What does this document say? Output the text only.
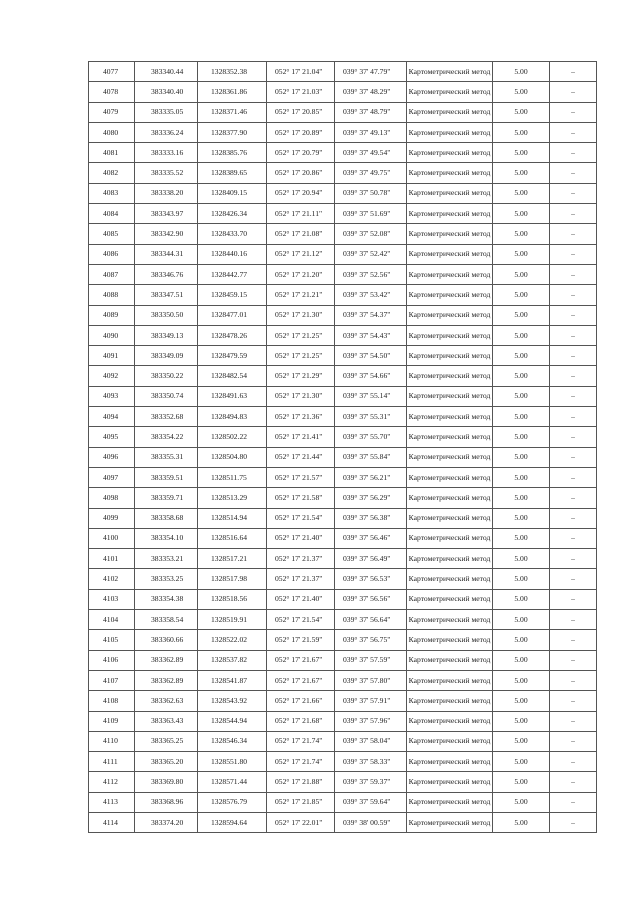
4077	383340.44	1328352.38	052° 17' 21.04"	039° 37' 47.79"	Картометрический метод	5.00	–
4078	383340.40	1328361.86	052° 17' 21.03"	039° 37' 48.29"	Картометрический метод	5.00	–
4079	383335.05	1328371.46	052° 17' 20.85"	039° 37' 48.79"	Картометрический метод	5.00	–
4080	383336.24	1328377.90	052° 17' 20.89"	039° 37' 49.13"	Картометрический метод	5.00	–
4081	383333.16	1328385.76	052° 17' 20.79"	039° 37' 49.54"	Картометрический метод	5.00	–
4082	383335.52	1328389.65	052° 17' 20.86"	039° 37' 49.75"	Картометрический метод	5.00	–
4083	383338.20	1328409.15	052° 17' 20.94"	039° 37' 50.78"	Картометрический метод	5.00	–
4084	383343.97	1328426.34	052° 17' 21.11"	039° 37' 51.69"	Картометрический метод	5.00	–
4085	383342.90	1328433.70	052° 17' 21.08"	039° 37' 52.08"	Картометрический метод	5.00	–
4086	383344.31	1328440.16	052° 17' 21.12"	039° 37' 52.42"	Картометрический метод	5.00	–
4087	383346.76	1328442.77	052° 17' 21.20"	039° 37' 52.56"	Картометрический метод	5.00	–
4088	383347.51	1328459.15	052° 17' 21.21"	039° 37' 53.42"	Картометрический метод	5.00	–
4089	383350.50	1328477.01	052° 17' 21.30"	039° 37' 54.37"	Картометрический метод	5.00	–
4090	383349.13	1328478.26	052° 17' 21.25"	039° 37' 54.43"	Картометрический метод	5.00	–
4091	383349.09	1328479.59	052° 17' 21.25"	039° 37' 54.50"	Картометрический метод	5.00	–
4092	383350.22	1328482.54	052° 17' 21.29"	039° 37' 54.66"	Картометрический метод	5.00	–
4093	383350.74	1328491.63	052° 17' 21.30"	039° 37' 55.14"	Картометрический метод	5.00	–
4094	383352.68	1328494.83	052° 17' 21.36"	039° 37' 55.31"	Картометрический метод	5.00	–
4095	383354.22	1328502.22	052° 17' 21.41"	039° 37' 55.70"	Картометрический метод	5.00	–
4096	383355.31	1328504.80	052° 17' 21.44"	039° 37' 55.84"	Картометрический метод	5.00	–
4097	383359.51	1328511.75	052° 17' 21.57"	039° 37' 56.21"	Картометрический метод	5.00	–
4098	383359.71	1328513.29	052° 17' 21.58"	039° 37' 56.29"	Картометрический метод	5.00	–
4099	383358.68	1328514.94	052° 17' 21.54"	039° 37' 56.38"	Картометрический метод	5.00	–
4100	383354.10	1328516.64	052° 17' 21.40"	039° 37' 56.46"	Картометрический метод	5.00	–
4101	383353.21	1328517.21	052° 17' 21.37"	039° 37' 56.49"	Картометрический метод	5.00	–
4102	383353.25	1328517.98	052° 17' 21.37"	039° 37' 56.53"	Картометрический метод	5.00	–
4103	383354.38	1328518.56	052° 17' 21.40"	039° 37' 56.56"	Картометрический метод	5.00	–
4104	383358.54	1328519.91	052° 17' 21.54"	039° 37' 56.64"	Картометрический метод	5.00	–
4105	383360.66	1328522.02	052° 17' 21.59"	039° 37' 56.75"	Картометрический метод	5.00	–
4106	383362.89	1328537.82	052° 17' 21.67"	039° 37' 57.59"	Картометрический метод	5.00	–
4107	383362.89	1328541.87	052° 17' 21.67"	039° 37' 57.80"	Картометрический метод	5.00	–
4108	383362.63	1328543.92	052° 17' 21.66"	039° 37' 57.91"	Картометрический метод	5.00	–
4109	383363.43	1328544.94	052° 17' 21.68"	039° 37' 57.96"	Картометрический метод	5.00	–
4110	383365.25	1328546.34	052° 17' 21.74"	039° 37' 58.04"	Картометрический метод	5.00	–
4111	383365.20	1328551.80	052° 17' 21.74"	039° 37' 58.33"	Картометрический метод	5.00	–
4112	383369.80	1328571.44	052° 17' 21.88"	039° 37' 59.37"	Картометрический метод	5.00	–
4113	383368.96	1328576.79	052° 17' 21.85"	039° 37' 59.64"	Картометрический метод	5.00	–
4114	383374.20	1328594.64	052° 17' 22.01"	039° 38' 00.59"	Картометрический метод	5.00	–
